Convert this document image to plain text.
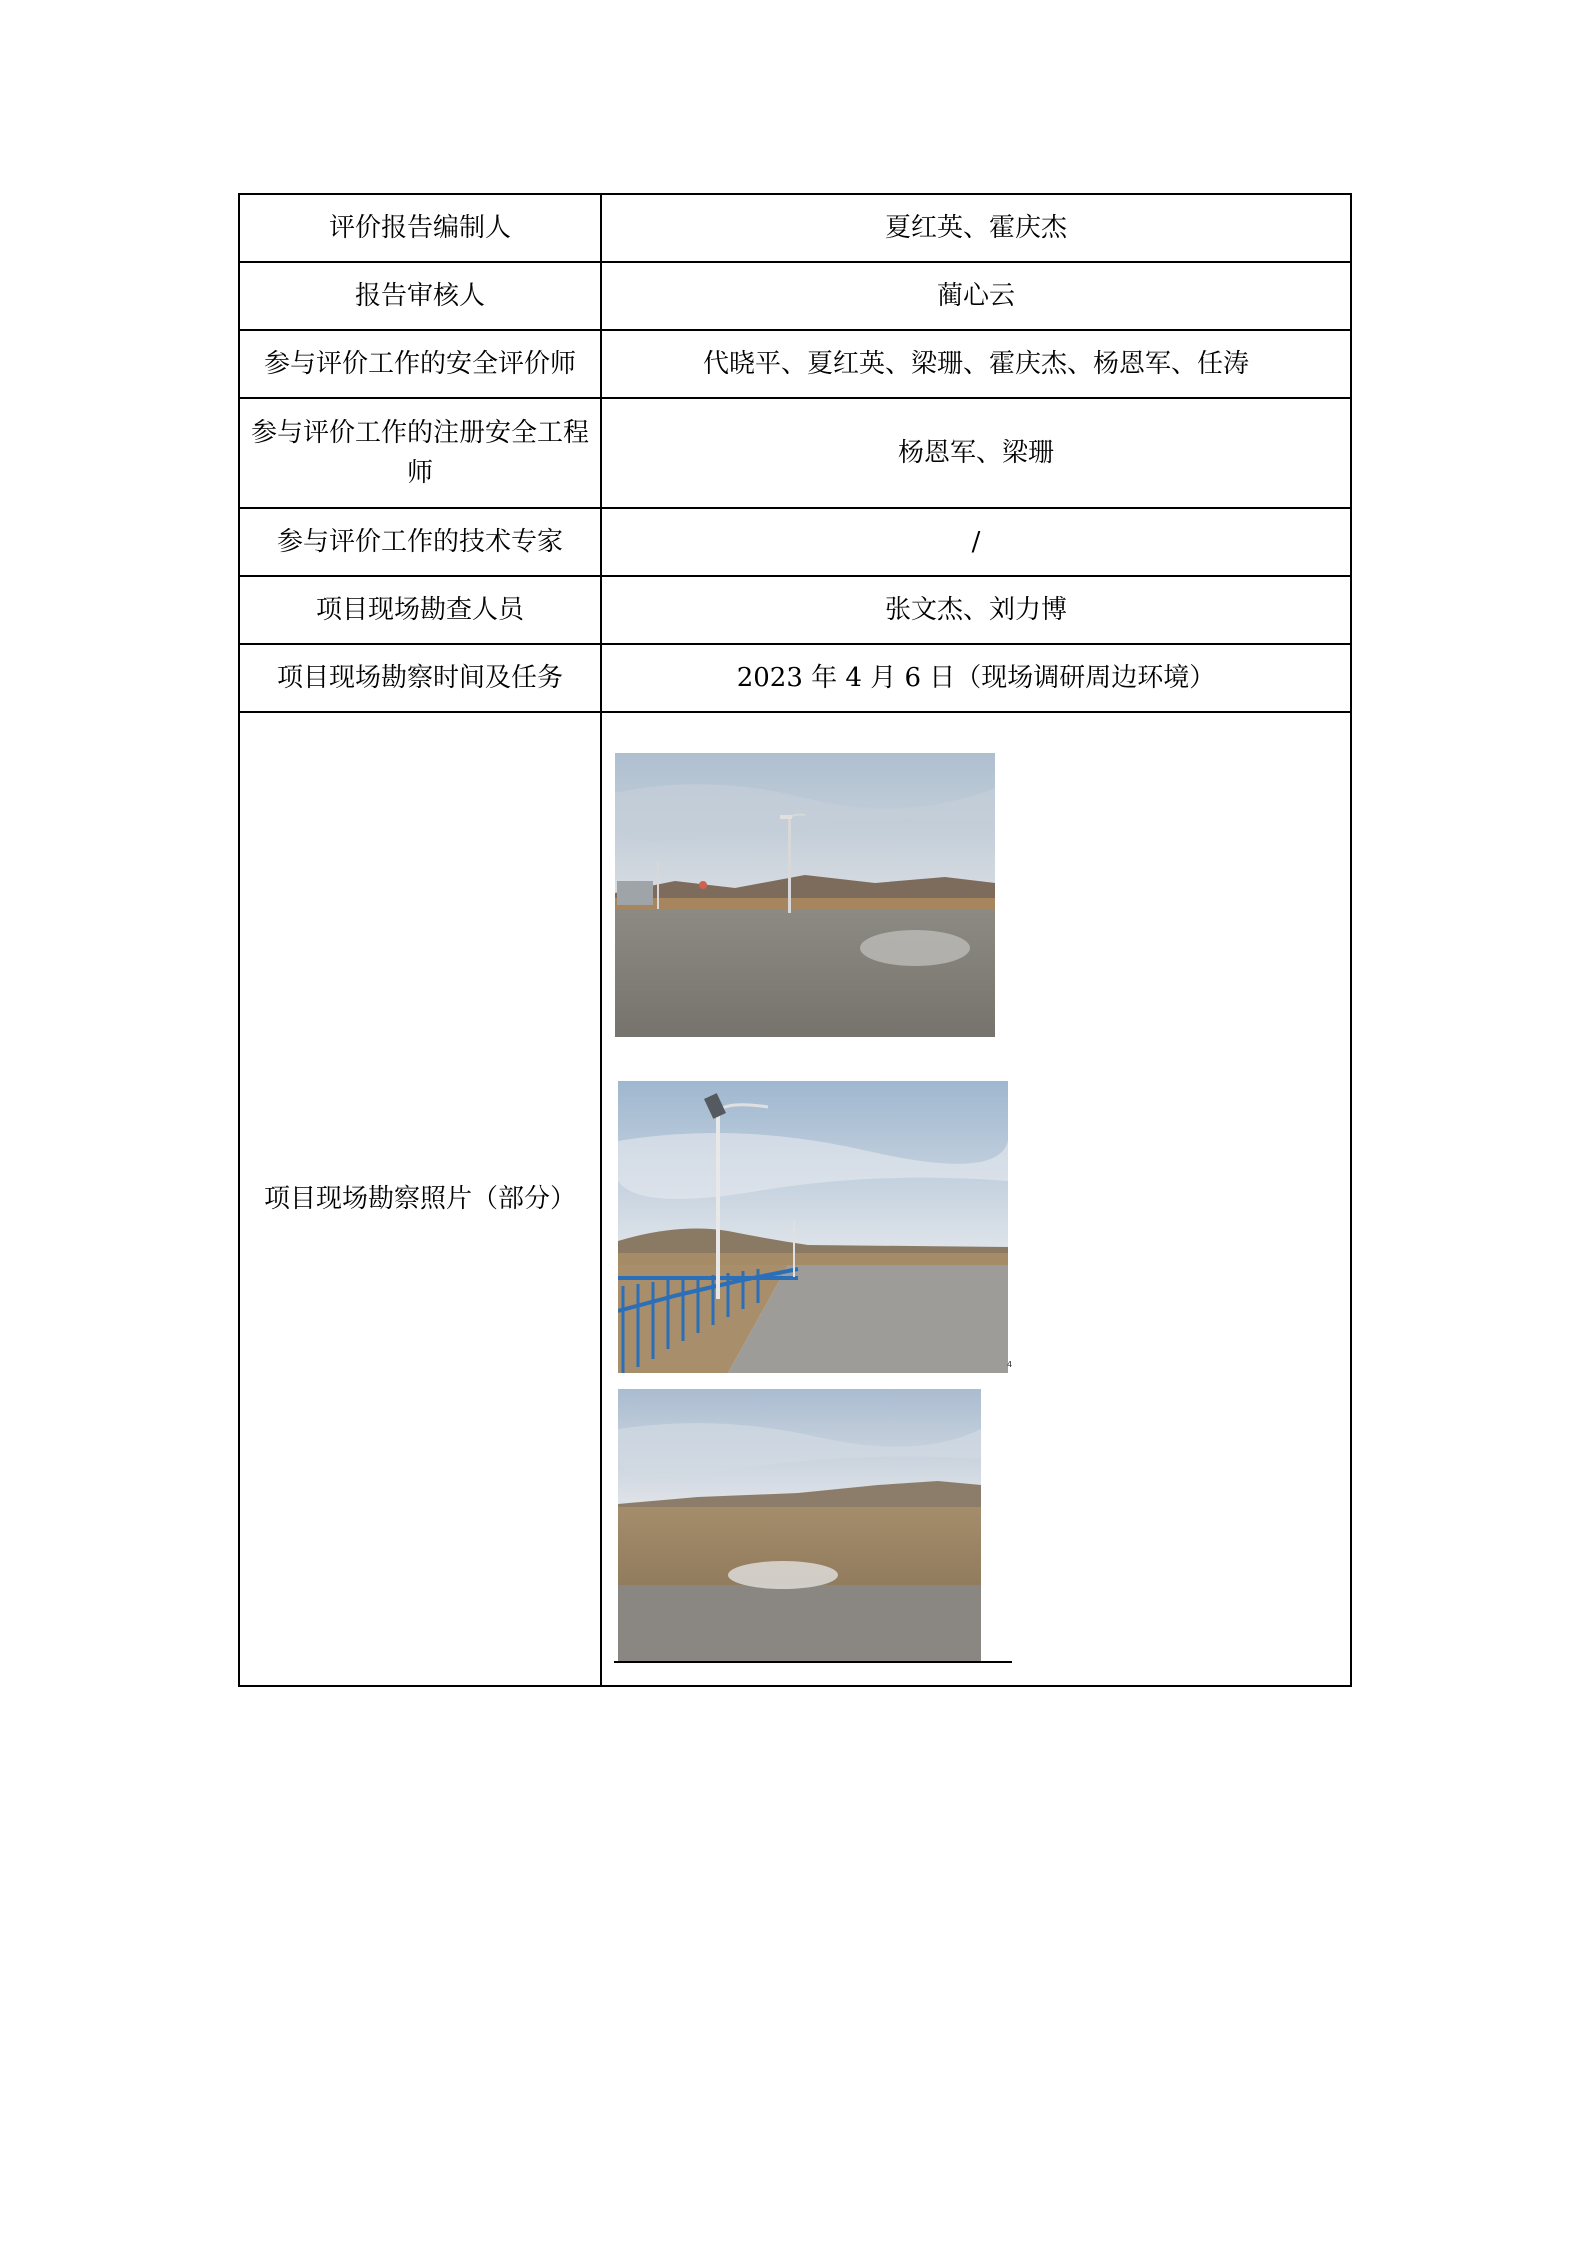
评价报告编制人	夏红英、霍庆杰
报告审核人	蔺心云
参与评价工作的安全评价师	代晓平、夏红英、梁珊、霍庆杰、杨恩军、任涛
参与评价工作的注册安全工程师	杨恩军、梁珊
参与评价工作的技术专家	/
项目现场勘查人员	张文杰、刘力博
项目现场勘察时间及任务	2023 年 4 月 6 日（现场调研周边环境）
项目现场勘察照片（部分）	4
